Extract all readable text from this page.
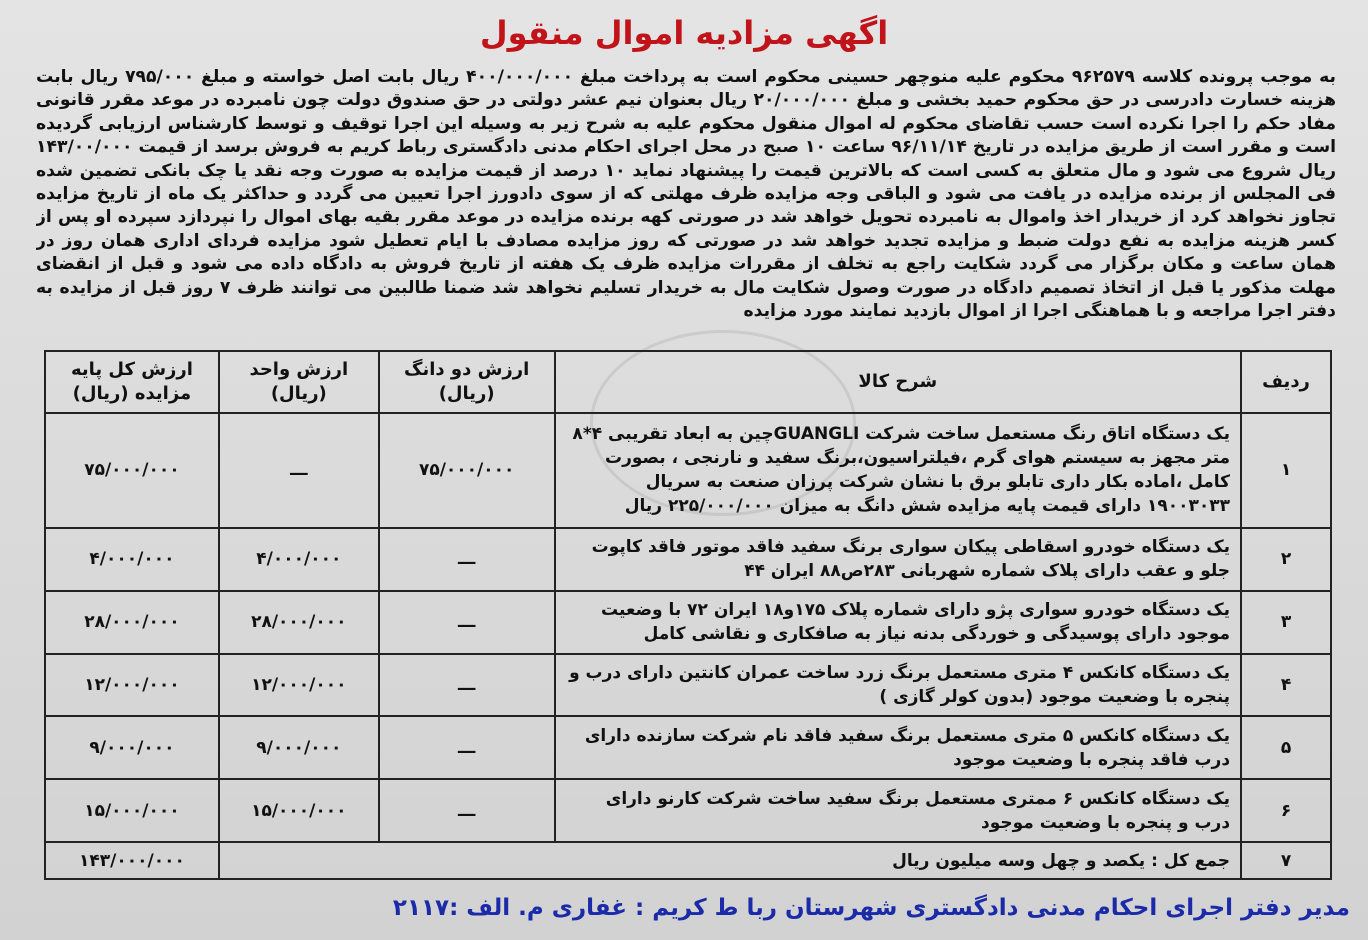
اگهی مزادیه اموال منقول
به موجب پرونده کلاسه ۹۶۲۵۷۹ محکوم علیه منوچهر حسینی محکوم است به پرداخت مبلغ ۴۰۰/۰۰۰/۰۰۰ ریال بابت اصل خواسته و مبلغ ۷۹۵/۰۰۰ ریال بابت هزینه خسارت دادرسی در حق محکوم حمید بخشی و مبلغ ۲۰/۰۰۰/۰۰۰ ریال بعنوان نیم عشر دولتی در حق صندوق دولت چون نامبرده در موعد مقرر قانونی مفاد حکم را اجرا نکرده است حسب تقاضای محکوم له اموال منقول محکوم علیه به شرح زیر به وسیله این اجرا توقیف و توسط کارشناس ارزیابی گردیده است و مقرر است از طریق مزایده در تاریخ ۹۶/۱۱/۱۴ ساعت ۱۰ صبح در محل اجرای احکام مدنی دادگستری رباط کریم به فروش برسد از قیمت ۱۴۳/۰۰/۰۰۰ ریال شروع می شود و مال متعلق به کسی است که بالاترین قیمت را پیشنهاد نماید ۱۰ درصد از قیمت مزایده به صورت وجه نقد یا چک بانکی تضمین شده فی المجلس از برنده مزایده در یافت می شود و الباقی وجه مزایده ظرف مهلتی که از سوی دادورز اجرا تعیین می گردد و حداکثر یک ماه از تاریخ مزایده تجاوز نخواهد کرد از خریدار اخذ واموال به نامبرده تحویل خواهد شد در صورتی کهه برنده مزایده در موعد مقرر بقیه بهای اموال را نپردازد سپرده او پس از کسر هزینه مزایده به نفع دولت ضبط و مزایده تجدید خواهد شد در صورتی که روز مزایده مصادف با ایام تعطیل شود مزایده فردای اداری همان روز در همان ساعت و مکان برگزار می گردد شکایت راجع به تخلف از مقررات مزایده ظرف یک هفته از تاریخ فروش به دادگاه داده می شود و قبل از انقضای مهلت مذکور یا قبل از اتخاذ تصمیم دادگاه در صورت وصول شکایت مال به خریدار تسلیم نخواهد شد ضمنا طالبین می توانند ظرف ۷ روز قبل از مزایده به دفتر اجرا مراجعه و با هماهنگی اجرا از اموال بازدید نمایند مورد مزایده
ردیف	شرح کالا	ارزش دو دانگ (ریال)	ارزش واحد (ریال)	ارزش کل پایه مزایده (ریال)
۱	یک دستگاه اتاق رنگ مستعمل ساخت شرکت GUANGLIچین به ابعاد تقریبی ۴*۸ متر مجهز به سیستم هوای گرم ،فیلتراسیون،برنگ سفید و نارنجی ، بصورت کامل ،اماده بکار داری تابلو برق با نشان شرکت پرزان صنعت به سریال ۱۹۰۰۳۰۳۳ دارای قیمت پایه مزایده شش دانگ به میزان ۲۲۵/۰۰۰/۰۰۰ ریال	۷۵/۰۰۰/۰۰۰	ـــ	۷۵/۰۰۰/۰۰۰
۲	یک دستگاه خودرو اسقاطی پیکان سواری برنگ سفید فاقد موتور فاقد کاپوت جلو و عقب دارای پلاک شماره شهربانی ۲۸۳ص۸۸ ایران ۴۴	ـــ	۴/۰۰۰/۰۰۰	۴/۰۰۰/۰۰۰
۳	یک دستگاه خودرو سواری پژو دارای شماره پلاک ۱۷۵و۱۸ ایران ۷۲ با وضعیت موجود دارای پوسیدگی و خوردگی بدنه نیاز به صافکاری و نقاشی کامل	ـــ	۲۸/۰۰۰/۰۰۰	۲۸/۰۰۰/۰۰۰
۴	یک دستگاه کانکس ۴ متری مستعمل برنگ زرد ساخت عمران کانتین دارای درب و پنجره با وضعیت موجود (بدون کولر گازی )	ـــ	۱۲/۰۰۰/۰۰۰	۱۲/۰۰۰/۰۰۰
۵	یک دستگاه کانکس ۵ متری مستعمل برنگ سفید فاقد نام شرکت سازنده دارای درب فاقد پنجره با وضعیت موجود	ـــ	۹/۰۰۰/۰۰۰	۹/۰۰۰/۰۰۰
۶	یک دستگاه کانکس ۶ ممتری مستعمل برنگ سفید ساخت شرکت کارنو دارای درب و پنجره با وضعیت موجود	ـــ	۱۵/۰۰۰/۰۰۰	۱۵/۰۰۰/۰۰۰
۷	جمع کل : یکصد و چهل وسه میلیون ریال			۱۴۳/۰۰۰/۰۰۰
مدیر دفتر اجرای احکام مدنی دادگستری شهرستان ربا ط کریم : غفاری م. الف :۲۱۱۷
